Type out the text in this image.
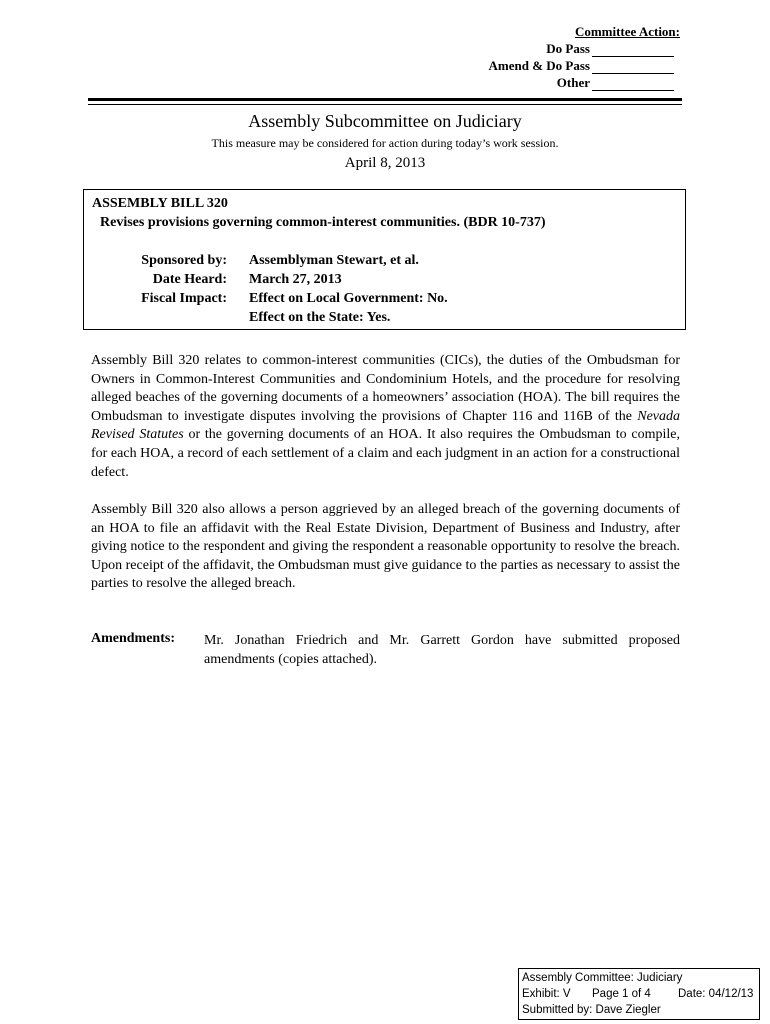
Committee Action:
Do Pass
Amend & Do Pass
Other
Assembly Subcommittee on Judiciary
This measure may be considered for action during today’s work session.
April 8, 2013
ASSEMBLY BILL 320
Revises provisions governing common-interest communities. (BDR 10-737)
Sponsored by: Assemblyman Stewart, et al.
Date Heard: March 27, 2013
Fiscal Impact: Effect on Local Government: No.
Effect on the State: Yes.
Assembly Bill 320 relates to common-interest communities (CICs), the duties of the Ombudsman for Owners in Common-Interest Communities and Condominium Hotels, and the procedure for resolving alleged beaches of the governing documents of a homeowners’ association (HOA). The bill requires the Ombudsman to investigate disputes involving the provisions of Chapter 116 and 116B of the Nevada Revised Statutes or the governing documents of an HOA. It also requires the Ombudsman to compile, for each HOA, a record of each settlement of a claim and each judgment in an action for a constructional defect.
Assembly Bill 320 also allows a person aggrieved by an alleged breach of the governing documents of an HOA to file an affidavit with the Real Estate Division, Department of Business and Industry, after giving notice to the respondent and giving the respondent a reasonable opportunity to resolve the breach. Upon receipt of the affidavit, the Ombudsman must give guidance to the parties as necessary to assist the parties to resolve the alleged breach.
Amendments: Mr. Jonathan Friedrich and Mr. Garrett Gordon have submitted proposed amendments (copies attached).
Assembly Committee: Judiciary
Exhibit: V Page 1 of 4 Date: 04/12/13
Submitted by: Dave Ziegler
